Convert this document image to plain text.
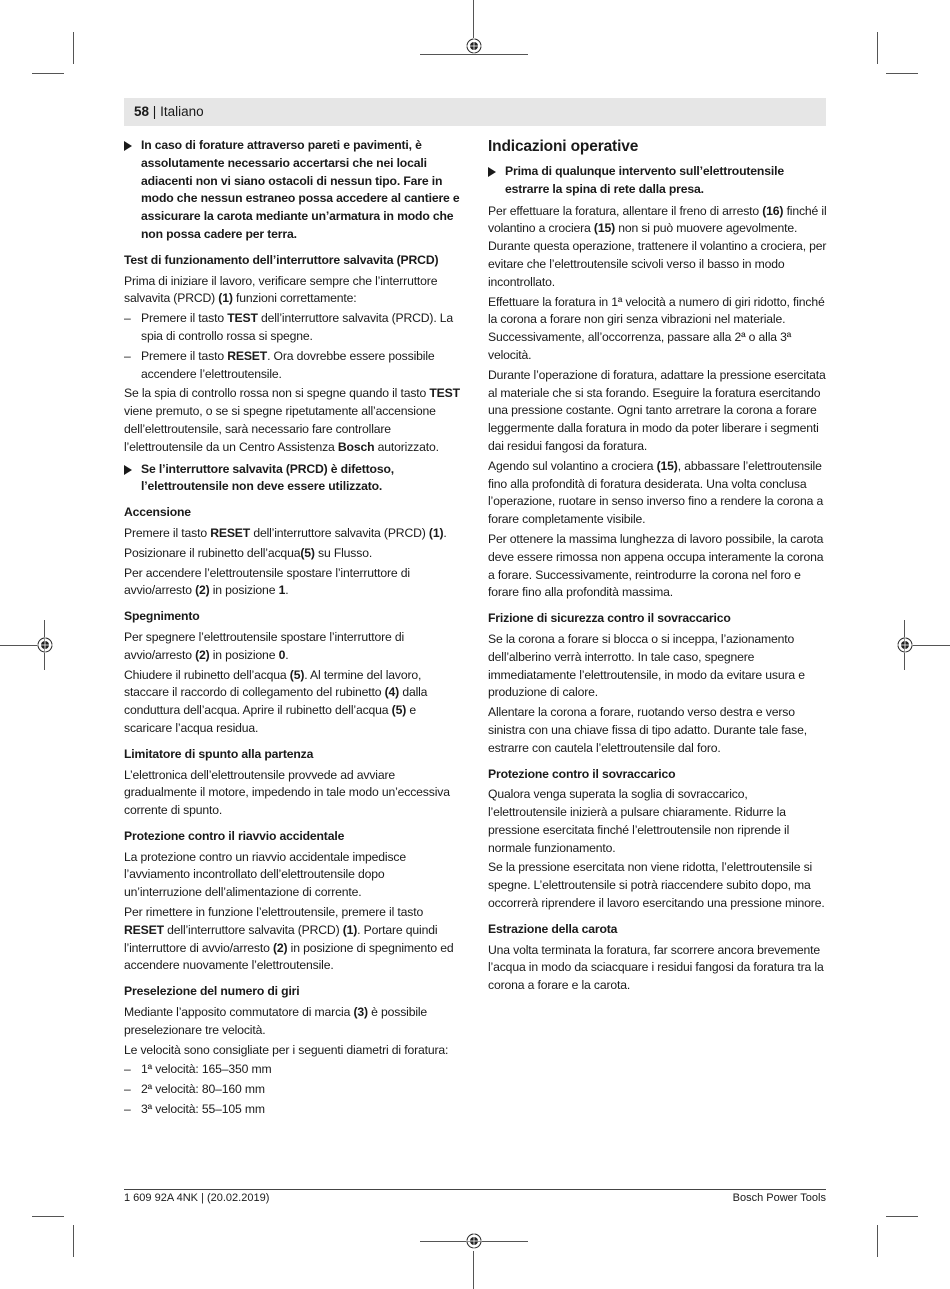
58 | Italiano
In caso di forature attraverso pareti e pavimenti, è assolutamente necessario accertarsi che nei locali adiacenti non vi siano ostacoli di nessun tipo. Fare in modo che nessun estraneo possa accedere al cantiere e assicurare la carota mediante un’armatura in modo che non possa cadere per terra.
Test di funzionamento dell’interruttore salvavita (PRCD)
Prima di iniziare il lavoro, verificare sempre che l’interruttore salvavita (PRCD) (1) funzioni correttamente:
– Premere il tasto TEST dell’interruttore salvavita (PRCD). La spia di controllo rossa si spegne.
– Premere il tasto RESET. Ora dovrebbe essere possibile accendere l’elettroutensile.
Se la spia di controllo rossa non si spegne quando il tasto TEST viene premuto, o se si spegne ripetutamente all’accensione dell’elettroutensile, sarà necessario fare controllare l’elettroutensile da un Centro Assistenza Bosch autorizzato.
Se l’interruttore salvavita (PRCD) è difettoso, l’elettroutensile non deve essere utilizzato.
Accensione
Premere il tasto RESET dell’interruttore salvavita (PRCD) (1).
Posizionare il rubinetto dell’acqua(5) su Flusso.
Per accendere l’elettroutensile spostare l’interruttore di avvio/arresto (2) in posizione 1.
Spegnimento
Per spegnere l’elettroutensile spostare l’interruttore di avvio/arresto (2) in posizione 0.
Chiudere il rubinetto dell’acqua (5). Al termine del lavoro, staccare il raccordo di collegamento del rubinetto (4) dalla conduttura dell’acqua. Aprire il rubinetto dell’acqua (5) e scaricare l’acqua residua.
Limitatore di spunto alla partenza
L’elettronica dell’elettroutensile provvede ad avviare gradualmente il motore, impedendo in tale modo un’eccessiva corrente di spunto.
Protezione contro il riavvio accidentale
La protezione contro un riavvio accidentale impedisce l’avviamento incontrollato dell’elettroutensile dopo un’interruzione dell’alimentazione di corrente.
Per rimettere in funzione l’elettroutensile, premere il tasto RESET dell’interruttore salvavita (PRCD) (1). Portare quindi l’interruttore di avvio/arresto (2) in posizione di spegnimento ed accendere nuovamente l’elettroutensile.
Preselezione del numero di giri
Mediante l’apposito commutatore di marcia (3) è possibile preselezionare tre velocità.
Le velocità sono consigliate per i seguenti diametri di foratura:
– 1ª velocità: 165–350 mm
– 2ª velocità: 80–160 mm
– 3ª velocità: 55–105 mm
Indicazioni operative
Prima di qualunque intervento sull’elettroutensile estrarre la spina di rete dalla presa.
Per effettuare la foratura, allentare il freno di arresto (16) finché il volantino a crociera (15) non si può muovere agevolmente. Durante questa operazione, trattenere il volantino a crociera, per evitare che l’elettroutensile scivoli verso il basso in modo incontrollato.
Effettuare la foratura in 1ª velocità a numero di giri ridotto, finché la corona a forare non giri senza vibrazioni nel materiale. Successivamente, all’occorrenza, passare alla 2ª o alla 3ª velocità.
Durante l’operazione di foratura, adattare la pressione esercitata al materiale che si sta forando. Eseguire la foratura esercitando una pressione costante. Ogni tanto arretrare la corona a forare leggermente dalla foratura in modo da poter liberare i segmenti dai residui fangosi da foratura.
Agendo sul volantino a crociera (15), abbassare l’elettroutensile fino alla profondità di foratura desiderata. Una volta conclusa l’operazione, ruotare in senso inverso fino a rendere la corona a forare completamente visibile.
Per ottenere la massima lunghezza di lavoro possibile, la carota deve essere rimossa non appena occupa interamente la corona a forare. Successivamente, reintrodurre la corona nel foro e forare fino alla profondità massima.
Frizione di sicurezza contro il sovraccarico
Se la corona a forare si blocca o si inceppa, l’azionamento dell’alberino verrà interrotto. In tale caso, spegnere immediatamente l’elettroutensile, in modo da evitare usura e produzione di calore.
Allentare la corona a forare, ruotando verso destra e verso sinistra con una chiave fissa di tipo adatto. Durante tale fase, estrarre con cautela l’elettroutensile dal foro.
Protezione contro il sovraccarico
Qualora venga superata la soglia di sovraccarico, l’elettroutensile inizierà a pulsare chiaramente. Ridurre la pressione esercitata finché l’elettroutensile non riprende il normale funzionamento.
Se la pressione esercitata non viene ridotta, l’elettroutensile si spegne. L’elettroutensile si potrà riaccendere subito dopo, ma occorrerà riprendere il lavoro esercitando una pressione minore.
Estrazione della carota
Una volta terminata la foratura, far scorrere ancora brevemente l’acqua in modo da sciacquare i residui fangosi da foratura tra la corona a forare e la carota.
1 609 92A 4NK | (20.02.2019)	Bosch Power Tools
